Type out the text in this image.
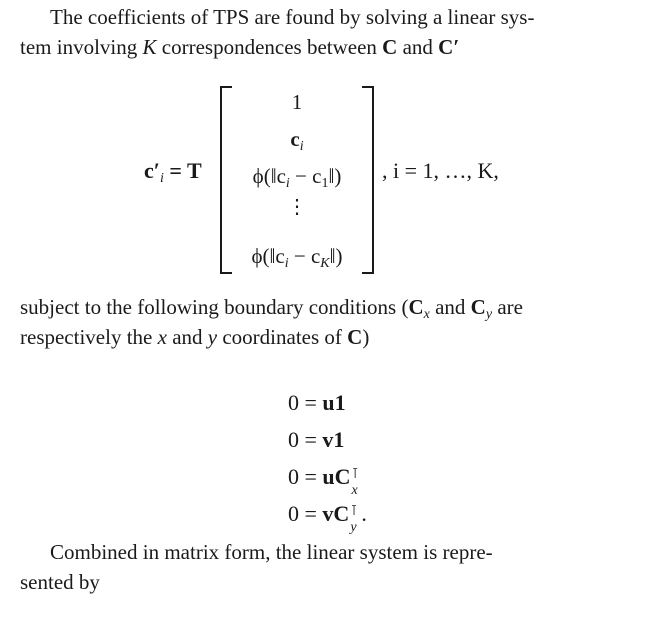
The coefficients of TPS are found by solving a linear sys-
tem involving K correspondences between C and C′
$c'_i = T$
1
$c_i$
$\phi(‖c_i$ − $c_1‖$)
⋮
$\phi(‖c_i$ − $c_K‖$)
, i = 1, …, K,
subject to the following boundary conditions ($C_x$ and $C_y$ are
respectively the x and y coordinates of C)
0 = u1
0 = v1
0 = uC ⊺
x
0 = vC ⊺
y
.
Combined in matrix form, the linear system is repre-
sented by
